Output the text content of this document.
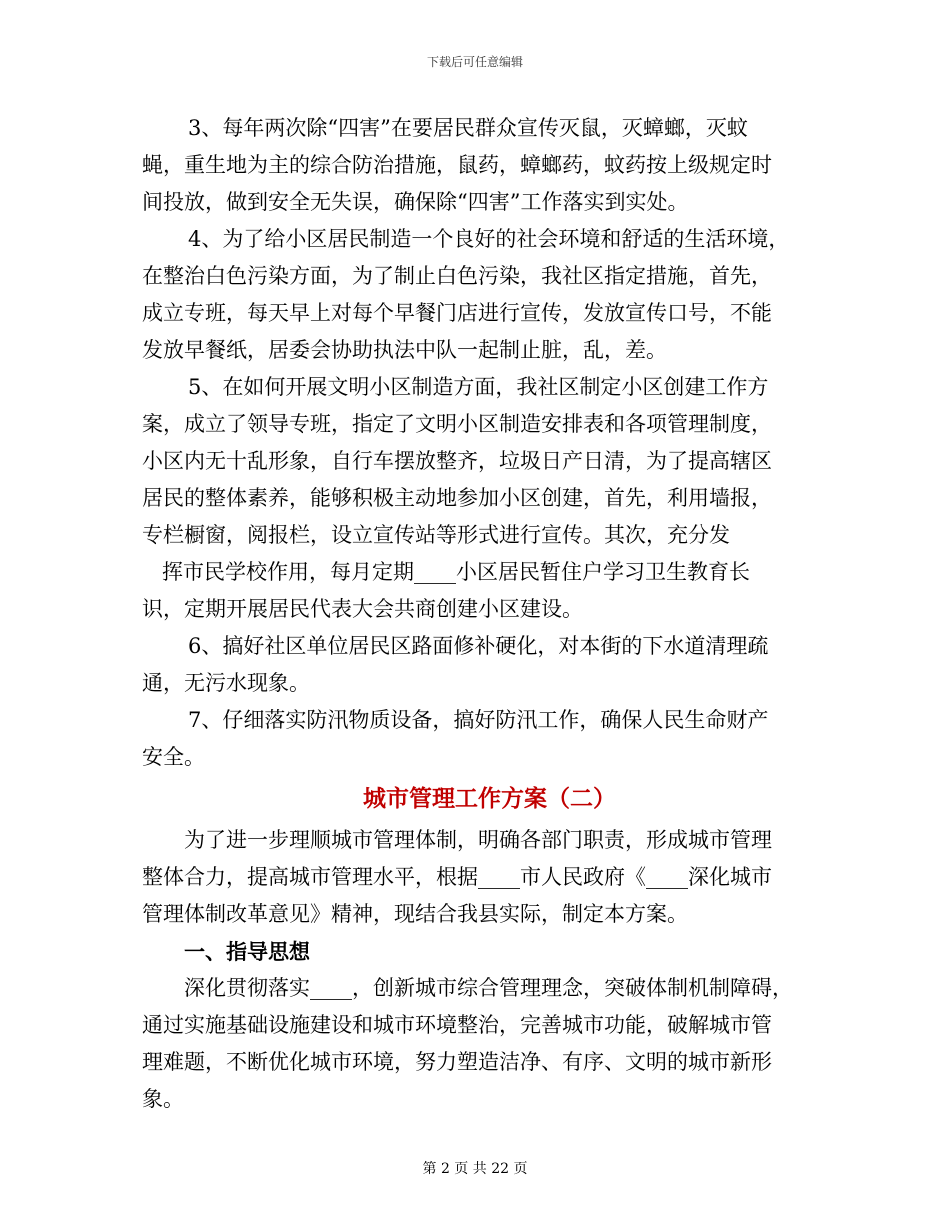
下载后可任意编辑
3、每年两次除“四害”在要居民群众宣传灭鼠，灭蟑螂，灭蚊
蝇，重生地为主的综合防治措施，鼠药，蟑螂药，蚊药按上级规定时
间投放，做到安全无失误，确保除“四害”工作落实到实处。
4、为了给小区居民制造一个良好的社会环境和舒适的生活环境，
在整治白色污染方面，为了制止白色污染，我社区指定措施，首先，
成立专班，每天早上对每个早餐门店进行宣传，发放宣传口号，不能
发放早餐纸，居委会协助执法中队一起制止脏，乱，差。
5、在如何开展文明小区制造方面，我社区制定小区创建工作方
案，成立了领导专班，指定了文明小区制造安排表和各项管理制度，
小区内无十乱形象，自行车摆放整齐，垃圾日产日清，为了提高辖区
居民的整体素养，能够积极主动地参加小区创建，首先，利用墙报，
专栏橱窗，阅报栏，设立宣传站等形式进行宣传。其次，充分发
挥市民学校作用，每月定期____小区居民暂住户学习卫生教育长
识，定期开展居民代表大会共商创建小区建设。
6、搞好社区单位居民区路面修补硬化，对本街的下水道清理疏
通，无污水现象。
7、仔细落实防汛物质设备，搞好防汛工作，确保人民生命财产
安全。
城市管理工作方案（二）
为了进一步理顺城市管理体制，明确各部门职责，形成城市管理
整体合力，提高城市管理水平，根据____市人民政府《____深化城市
管理体制改革意见》精神，现结合我县实际，制定本方案。
一、指导思想
深化贯彻落实____，创新城市综合管理理念，突破体制机制障碍，
通过实施基础设施建设和城市环境整治，完善城市功能，破解城市管
理难题，不断优化城市环境，努力塑造洁净、有序、文明的城市新形
象。
第 2 页 共 22 页
